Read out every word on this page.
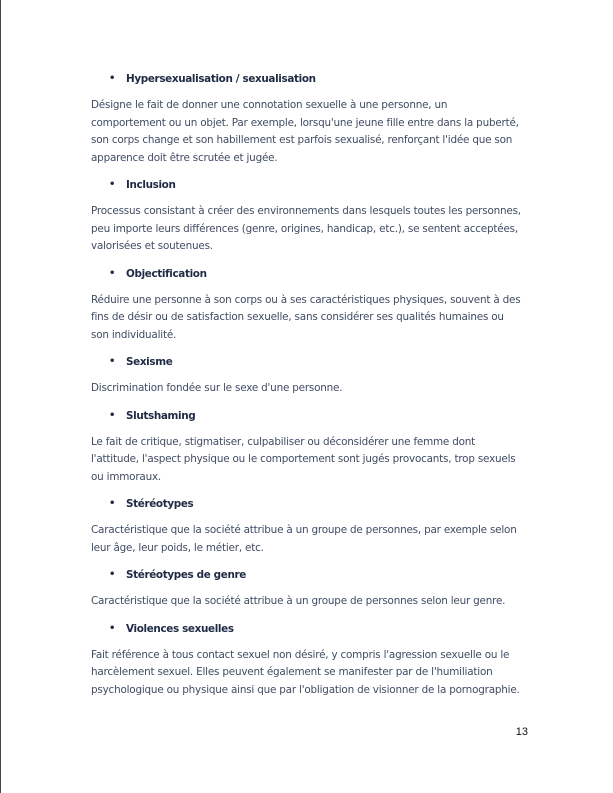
• Hypersexualisation / sexualisation

Désigne le fait de donner une connotation sexuelle à une personne, un comportement ou un objet. Par exemple, lorsqu'une jeune fille entre dans la puberté, son corps change et son habillement est parfois sexualisé, renforçant l'idée que son apparence doit être scrutée et jugée.

• Inclusion

Processus consistant à créer des environnements dans lesquels toutes les personnes, peu importe leurs différences (genre, origines, handicap, etc.), se sentent acceptées, valorisées et soutenues.

• Objectification

Réduire une personne à son corps ou à ses caractéristiques physiques, souvent à des fins de désir ou de satisfaction sexuelle, sans considérer ses qualités humaines ou son individualité.

• Sexisme

Discrimination fondée sur le sexe d'une personne.

• Slutshaming

Le fait de critique, stigmatiser, culpabiliser ou déconsidérer une femme dont l'attitude, l'aspect physique ou le comportement sont jugés provocants, trop sexuels ou immoraux.

• Stéréotypes

Caractéristique que la société attribue à un groupe de personnes, par exemple selon leur âge, leur poids, le métier, etc.

• Stéréotypes de genre

Caractéristique que la société attribue à un groupe de personnes selon leur genre.

• Violences sexuelles

Fait référence à tous contact sexuel non désiré, y compris l'agression sexuelle ou le harcèlement sexuel. Elles peuvent également se manifester par de l'humiliation psychologique ou physique ainsi que par l'obligation de visionner de la pornographie.

13
